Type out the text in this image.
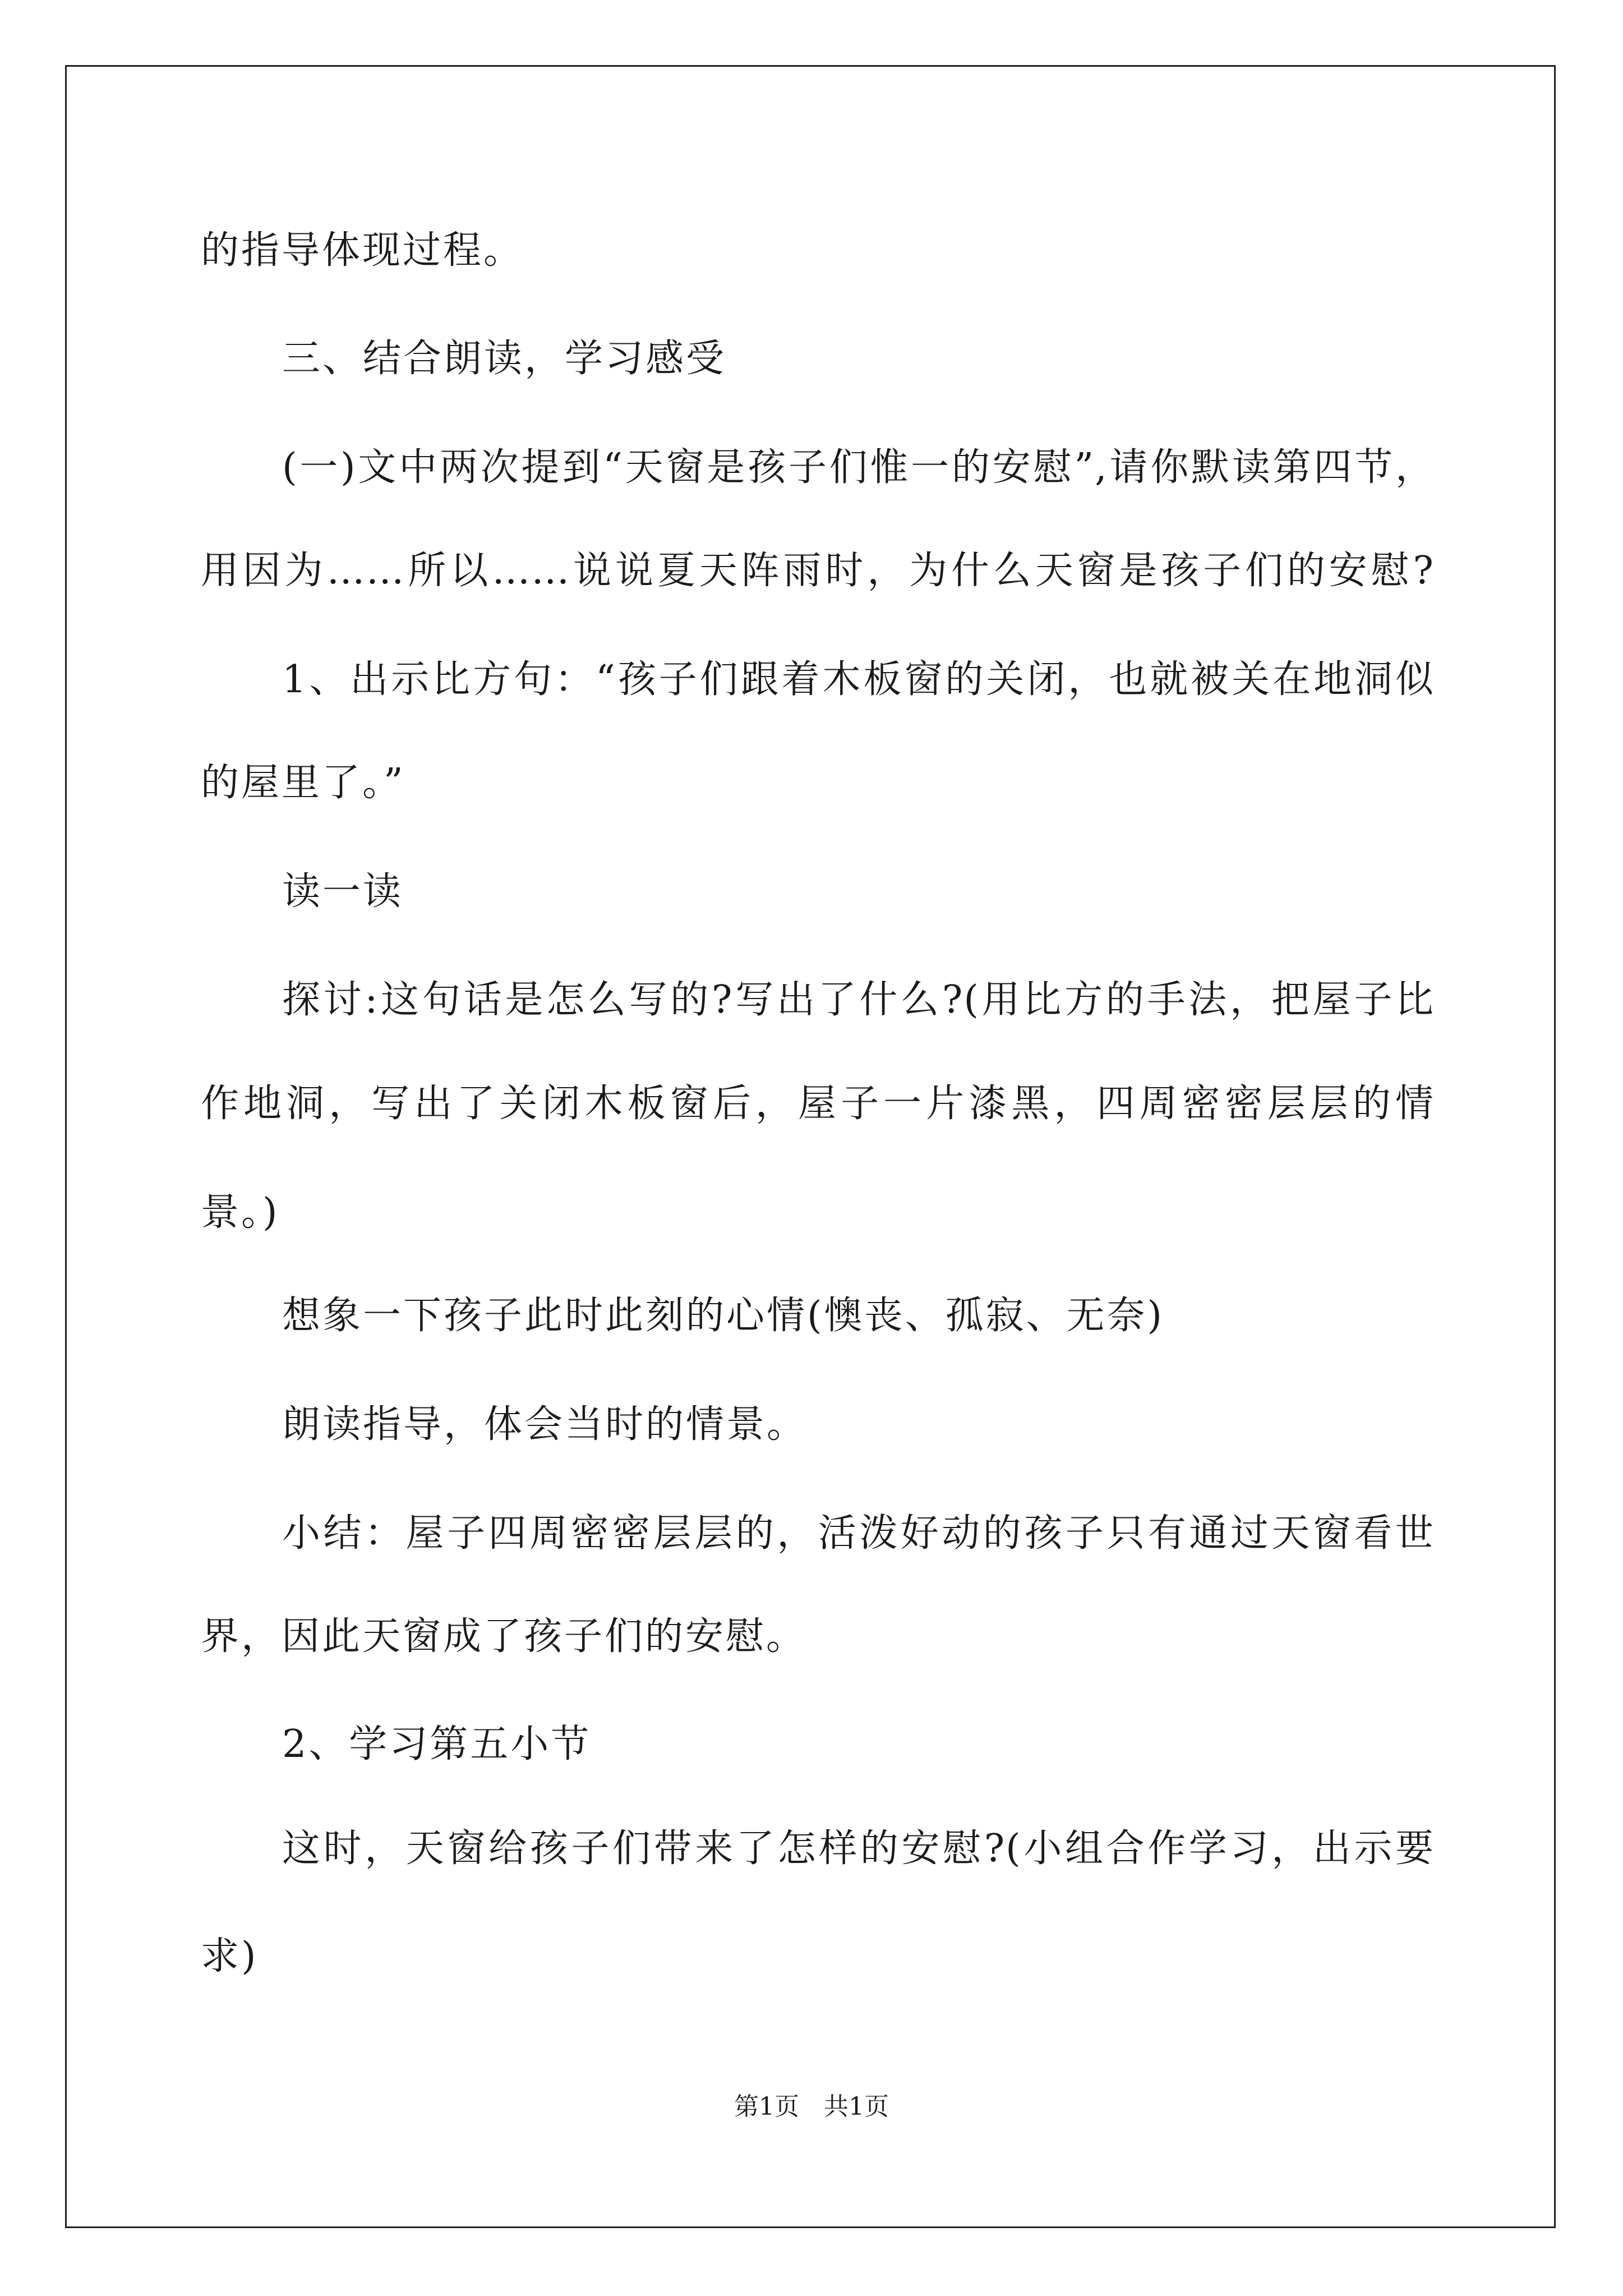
的指导体现过程。
三、结合朗读，学习感受
(一)文中两次提到“天窗是孩子们惟一的安慰”,请你默读第四节，
用因为……所以……说说夏天阵雨时，为什么天窗是孩子们的安慰?
1、出示比方句：“孩子们跟着木板窗的关闭，也就被关在地洞似
的屋里了。”
读一读
探讨:这句话是怎么写的?写出了什么?(用比方的手法，把屋子比
作地洞，写出了关闭木板窗后，屋子一片漆黑，四周密密层层的情
景。)
想象一下孩子此时此刻的心情(懊丧、孤寂、无奈)
朗读指导，体会当时的情景。
小结：屋子四周密密层层的，活泼好动的孩子只有通过天窗看世
界，因此天窗成了孩子们的安慰。
2、学习第五小节
这时，天窗给孩子们带来了怎样的安慰?(小组合作学习，出示要
求)
第1页　共1页
